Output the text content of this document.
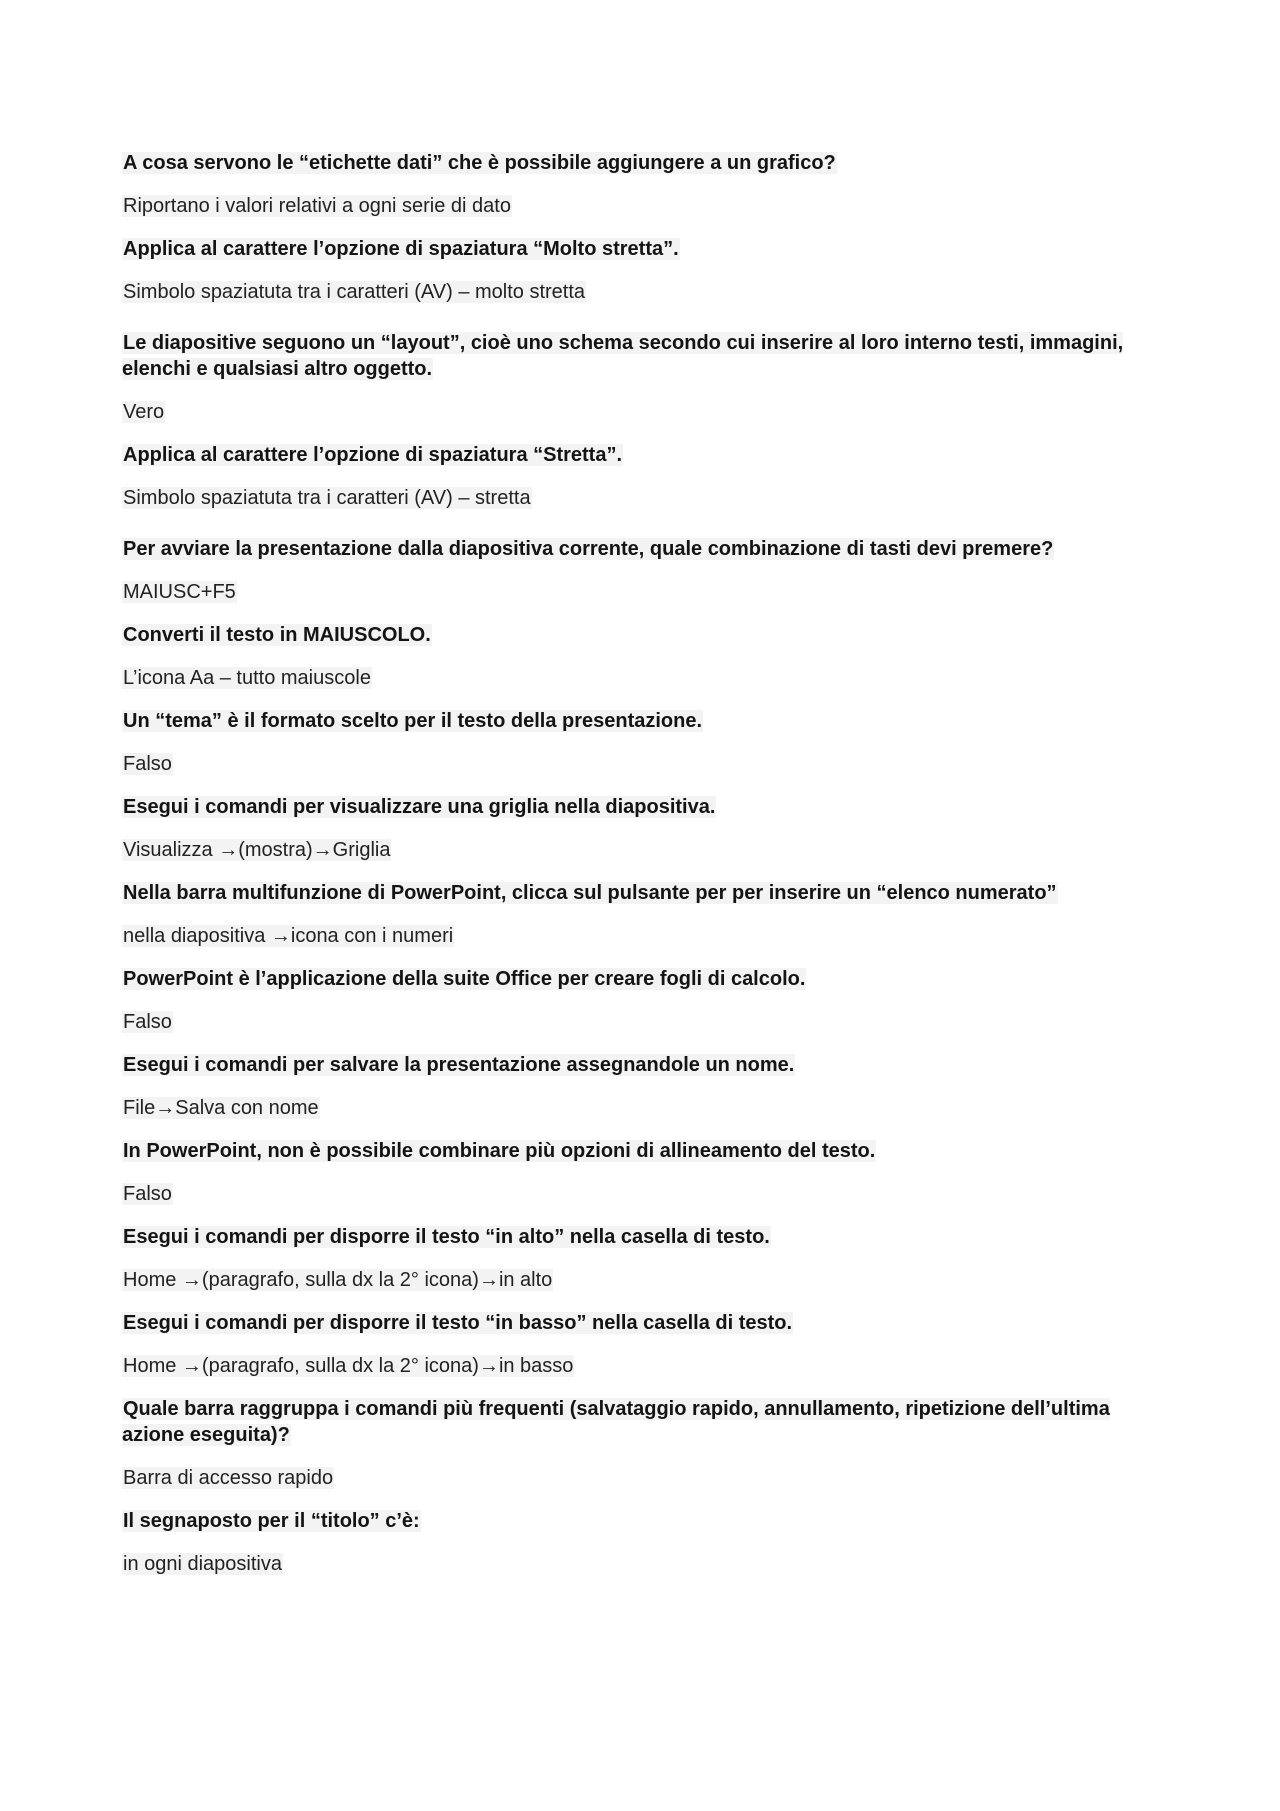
A cosa servono le “etichette dati” che è possibile aggiungere a un grafico?

Riportano i valori relativi a ogni serie di dato

Applica al carattere l’opzione di spaziatura “Molto stretta”.

Simbolo spaziatuta tra i caratteri (AV) – molto stretta

Le diapositive seguono un “layout”, cioè uno schema secondo cui inserire al loro interno testi, immagini, elenchi e qualsiasi altro oggetto.

Vero

Applica al carattere l’opzione di spaziatura “Stretta”.

Simbolo spaziatuta tra i caratteri (AV) – stretta

Per avviare la presentazione dalla diapositiva corrente, quale combinazione di tasti devi premere?

MAIUSC+F5

Converti il testo in MAIUSCOLO.

L’icona Aa – tutto maiuscole

Un “tema” è il formato scelto per il testo della presentazione.

Falso

Esegui i comandi per visualizzare una griglia nella diapositiva.

Visualizza →(mostra)→Griglia

Nella barra multifunzione di PowerPoint, clicca sul pulsante per per inserire un “elenco numerato”

nella diapositiva →icona con i numeri

PowerPoint è l’applicazione della suite Office per creare fogli di calcolo.

Falso

Esegui i comandi per salvare la presentazione assegnandole un nome.

File→Salva con nome

In PowerPoint, non è possibile combinare più opzioni di allineamento del testo.

Falso

Esegui i comandi per disporre il testo “in alto” nella casella di testo.

Home →(paragrafo, sulla dx la 2° icona)→in alto

Esegui i comandi per disporre il testo “in basso” nella casella di testo.

Home →(paragrafo, sulla dx la 2° icona)→in basso

Quale barra raggruppa i comandi più frequenti (salvataggio rapido, annullamento, ripetizione dell’ultima azione eseguita)?

Barra di accesso rapido

Il segnaposto per il “titolo” c’è:

in ogni diapositiva
